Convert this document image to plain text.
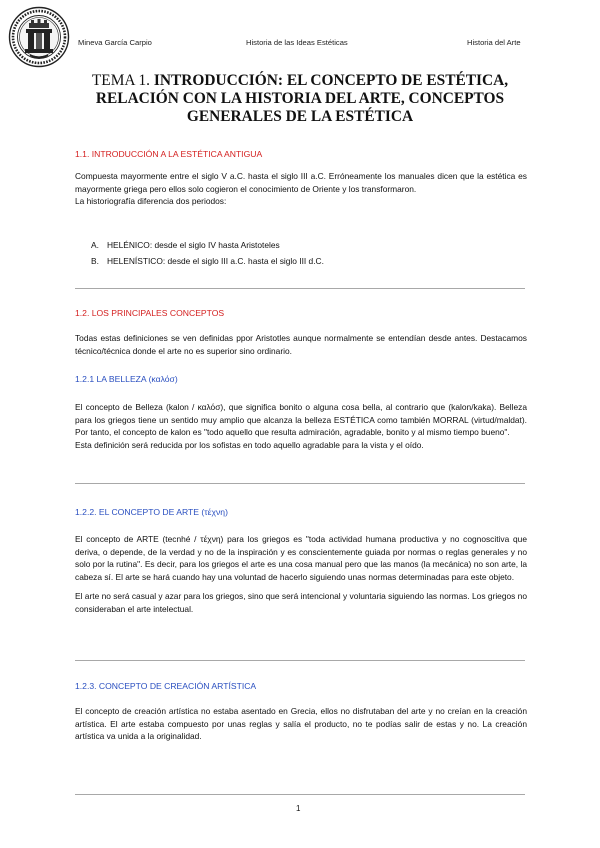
Mineva García Carpio	Historia de las Ideas Estéticas	Historia del Arte
TEMA 1. INTRODUCCIÓN: EL CONCEPTO DE ESTÉTICA,
RELACIÓN CON LA HISTORIA DEL ARTE, CONCEPTOS
GENERALES DE LA ESTÉTICA
1.1. INTRODUCCIÓN A LA ESTÉTICA ANTIGUA

Compuesta mayormente entre el siglo V a.C. hasta el siglo III a.C. Erróneamente los manuales dicen que la estética es mayormente griega pero ellos solo cogieron el conocimiento de Oriente y los transformaron.

La historiografía diferencia dos periodos:

A. HELÉNICO: desde el siglo IV hasta Aristoteles
B. HELENÍSTICO: desde el siglo III a.C. hasta el siglo III d.C.
1.2. LOS PRINCIPALES CONCEPTOS

Todas estas definiciones se ven definidas ppor Aristotles aunque normalmente se entendían desde antes. Destacamos técnico/técnica donde el arte no es superior sino ordinario.

1.2.1 LA BELLEZA (καλόσ)

El concepto de Belleza (kalon / καλόσ), que significa bonito o alguna cosa bella, al contrario que (kalon/kaka). Belleza para los griegos tiene un sentido muy amplio que alcanza la belleza ESTÉTICA como también MORRAL (virtud/maldat). Por tanto, el concepto de kalon es "todo aquello que resulta admiración, agradable, bonito y al mismo tiempo bueno".

Esta definición será reducida por los sofistas en todo aquello agradable para la vista y el oído.

1.2.2. EL CONCEPTO DE ARTE (τέχνη)

El concepto de ARTE (tecnhé / τέχνη) para los griegos es "toda actividad humana productiva y no cognoscitiva que deriva, o depende, de la verdad y no de la inspiración y es conscientemente guiada por normas o reglas generales y no solo por la rutina". Es decir, para los griegos el arte es una cosa manual pero que las manos (la mecánica) no son arte, la cabeza sí. El arte se hará cuando hay una voluntad de hacerlo siguiendo unas normas determinadas para este objeto.

El arte no será casual y azar para los griegos, sino que será intencional y voluntaria siguiendo las normas. Los griegos no consideraban el arte intelectual.

1.2.3. CONCEPTO DE CREACIÓN ARTÍSTICA

El concepto de creación artística no estaba asentado en Grecia, ellos no disfrutaban del arte y no creían en la creación artística. El arte estaba compuesto por unas reglas y salía el producto, no te podías salir de estas y no. La creación artística va unida a la originalidad.

1
